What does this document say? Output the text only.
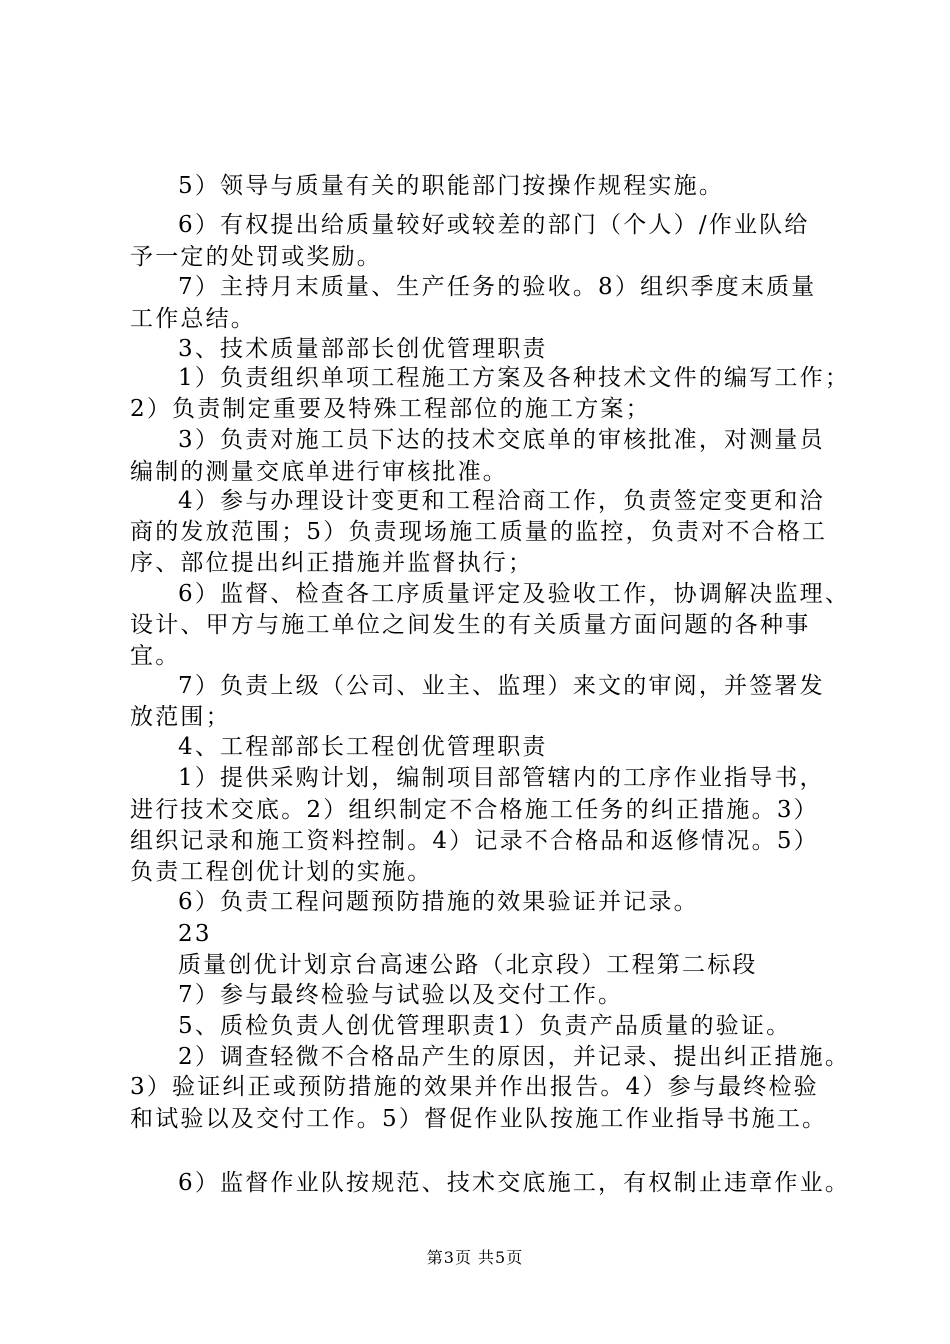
5）领导与质量有关的职能部门按操作规程实施。
6）有权提出给质量较好或较差的部门（个人）/作业队给
予一定的处罚或奖励。
7）主持月末质量、生产任务的验收。8）组织季度末质量
工作总结。
3、技术质量部部长创优管理职责
1）负责组织单项工程施工方案及各种技术文件的编写工作；
2）负责制定重要及特殊工程部位的施工方案；
3）负责对施工员下达的技术交底单的审核批准，对测量员
编制的测量交底单进行审核批准。
4）参与办理设计变更和工程洽商工作，负责签定变更和洽
商的发放范围；5）负责现场施工质量的监控，负责对不合格工
序、部位提出纠正措施并监督执行；
6）监督、检查各工序质量评定及验收工作，协调解决监理、
设计、甲方与施工单位之间发生的有关质量方面问题的各种事
宜。
7）负责上级（公司、业主、监理）来文的审阅，并签署发
放范围；
4、工程部部长工程创优管理职责
1）提供采购计划，编制项目部管辖内的工序作业指导书，
进行技术交底。2）组织制定不合格施工任务的纠正措施。3）
组织记录和施工资料控制。4）记录不合格品和返修情况。5）
负责工程创优计划的实施。
6）负责工程问题预防措施的效果验证并记录。
23
质量创优计划京台高速公路（北京段）工程第二标段
7）参与最终检验与试验以及交付工作。
5、质检负责人创优管理职责1）负责产品质量的验证。
2）调查轻微不合格品产生的原因，并记录、提出纠正措施。
3）验证纠正或预防措施的效果并作出报告。4）参与最终检验
和试验以及交付工作。5）督促作业队按施工作业指导书施工。
6）监督作业队按规范、技术交底施工，有权制止违章作业。
第3页 共5页
